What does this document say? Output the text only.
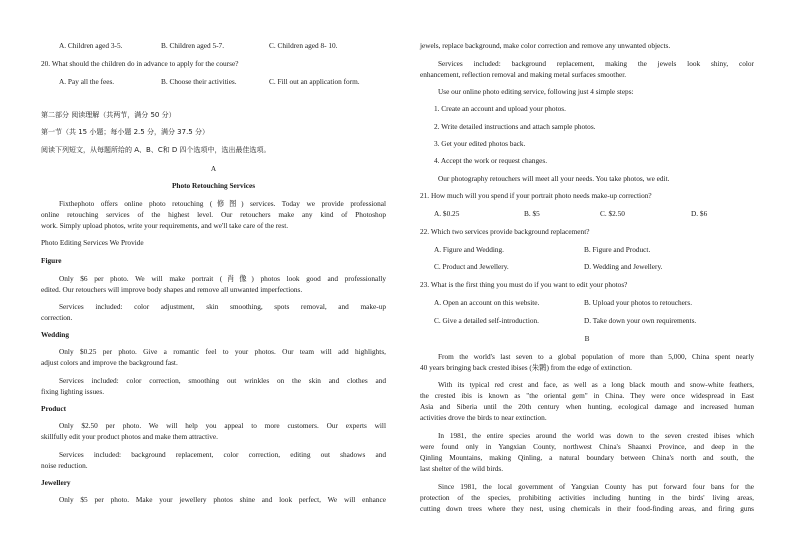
A. Children aged 3-5.	B. Children aged 5-7.	C. Children aged 8- 10.
20. What should the children do in advance to apply for the course?
A. Pay all the fees.	B. Choose their activities.	C. Fill out an application form.
第二部分 阅读理解（共两节，满分 50 分）
第一节（共 15 小题；每小题 2.5 分，满分 37.5 分）
阅读下列短文，从每题所给的 A、B、C和 D 四个选项中，选出最佳选项。
A
Photo Retouching Services
Fixthephoto offers online photo retouching (修图) services. Today we provide professional
online retouching services of the highest level. Our retouchers make any kind of Photoshop
work. Simply upload photos, write your requirements, and we'll take care of the rest.
Photo Editing Services We Provide
Figure
Only $6 per photo. We will make portrait (肖像) photos look good and professionally
edited. Our retouchers will improve body shapes and remove all unwanted imperfections.
Services included: color adjustment, skin smoothing, spots removal, and make-up
correction.
Wedding
Only $0.25 per photo. Give a romantic feel to your photos. Our team will add highlights,
adjust colors and improve the background fast.
Services included: color correction, smoothing out wrinkles on the skin and clothes and
fixing lighting issues.
Product
Only $2.50 per photo. We will help you appeal to more customers. Our experts will
skillfully edit your product photos and make them attractive.
Services included: background replacement, color correction, editing out shadows and
noise reduction.
Jewellery
Only $5 per photo. Make your jewellery photos shine and look perfect, We will enhance
jewels, replace background, make color correction and remove any unwanted objects.
Services included: background replacement, making the jewels look shiny, color
enhancement, reflection removal and making metal surfaces smoother.
Use our online photo editing service, following just 4 simple steps:
1. Create an account and upload your photos.
2. Write detailed instructions and attach sample photos.
3. Get your edited photos back.
4. Accept the work or request changes.
Our photography retouchers will meet all your needs. You take photos, we edit.
21. How much will you spend if your portrait photo needs make-up correction?
A. $0.25	B. $5	C. $2.50	D. $6
22. Which two services provide background replacement?
A. Figure and Wedding.	B. Figure and Product.
C. Product and Jewellery.	D. Wedding and Jewellery.
23. What is the first thing you must do if you want to edit your photos?
A. Open an account on this website.	B. Upload your photos to retouchers.
C. Give a detailed self-introduction.	D. Take down your own requirements.
B
From the world's last seven to a global population of more than 5,000, China spent nearly
40 years bringing back crested ibises (朱鹮) from the edge of extinction.
With its typical red crest and face, as well as a long black mouth and snow-white feathers,
the crested ibis is known as "the oriental gem" in China. They were once widespread in East
Asia and Siberia until the 20th century when hunting, ecological damage and increased human
activities drove the birds to near extinction.
In 1981, the entire species around the world was down to the seven crested ibises which
were found only in Yangxian County, northwest China's Shaanxi Province, and deep in the
Qinling Mountains, making Qinling, a natural boundary between China's north and south, the
last shelter of the wild birds.
Since 1981, the local government of Yangxian County has put forward four bans for the
protection of the species, prohibiting activities including hunting in the birds' living areas,
cutting down trees where they nest, using chemicals in their food-finding areas, and firing guns
